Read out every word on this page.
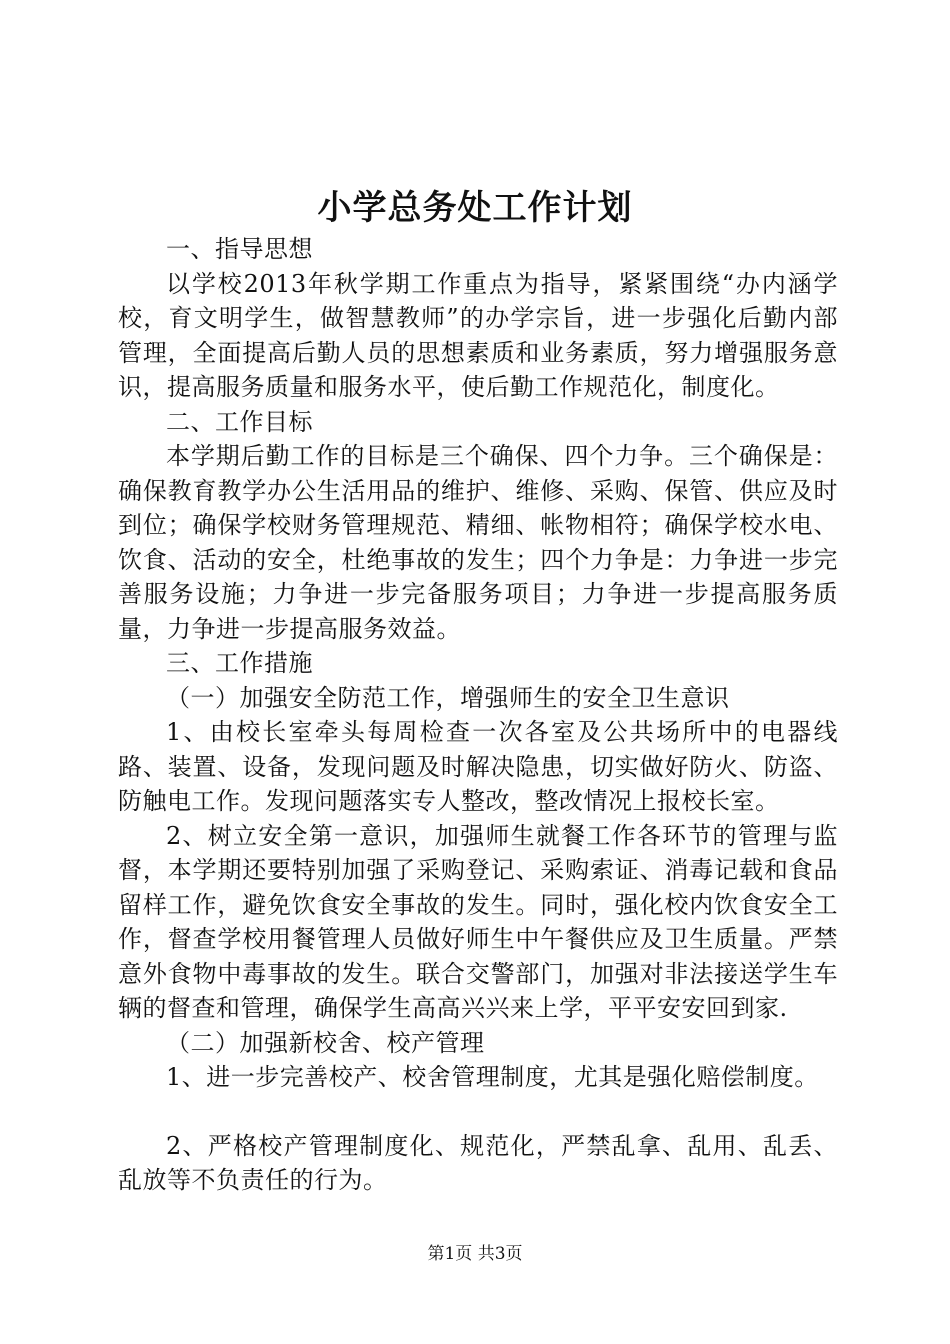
小学总务处工作计划

一、指导思想

以学校2013年秋学期工作重点为指导，紧紧围绕“办内涵学校，育文明学生，做智慧教师”的办学宗旨，进一步强化后勤内部管理，全面提高后勤人员的思想素质和业务素质，努力增强服务意识，提高服务质量和服务水平，使后勤工作规范化，制度化。

二、工作目标

本学期后勤工作的目标是三个确保、四个力争。三个确保是：确保教育教学办公生活用品的维护、维修、采购、保管、供应及时到位；确保学校财务管理规范、精细、帐物相符；确保学校水电、饮食、活动的安全，杜绝事故的发生；四个力争是：力争进一步完善服务设施；力争进一步完备服务项目；力争进一步提高服务质量，力争进一步提高服务效益。

三、工作措施

（一）加强安全防范工作，增强师生的安全卫生意识

1、由校长室牵头每周检查一次各室及公共场所中的电器线路、装置、设备，发现问题及时解决隐患，切实做好防火、防盗、防触电工作。发现问题落实专人整改，整改情况上报校长室。

2、树立安全第一意识，加强师生就餐工作各环节的管理与监督，本学期还要特别加强了采购登记、采购索证、消毒记载和食品留样工作，避免饮食安全事故的发生。同时，强化校内饮食安全工作，督查学校用餐管理人员做好师生中午餐供应及卫生质量。严禁意外食物中毒事故的发生。联合交警部门，加强对非法接送学生车辆的督查和管理，确保学生高高兴兴来上学，平平安安回到家.

（二）加强新校舍、校产管理

1、进一步完善校产、校舍管理制度，尤其是强化赔偿制度。

2、严格校产管理制度化、规范化，严禁乱拿、乱用、乱丢、乱放等不负责任的行为。

第1页 共3页
